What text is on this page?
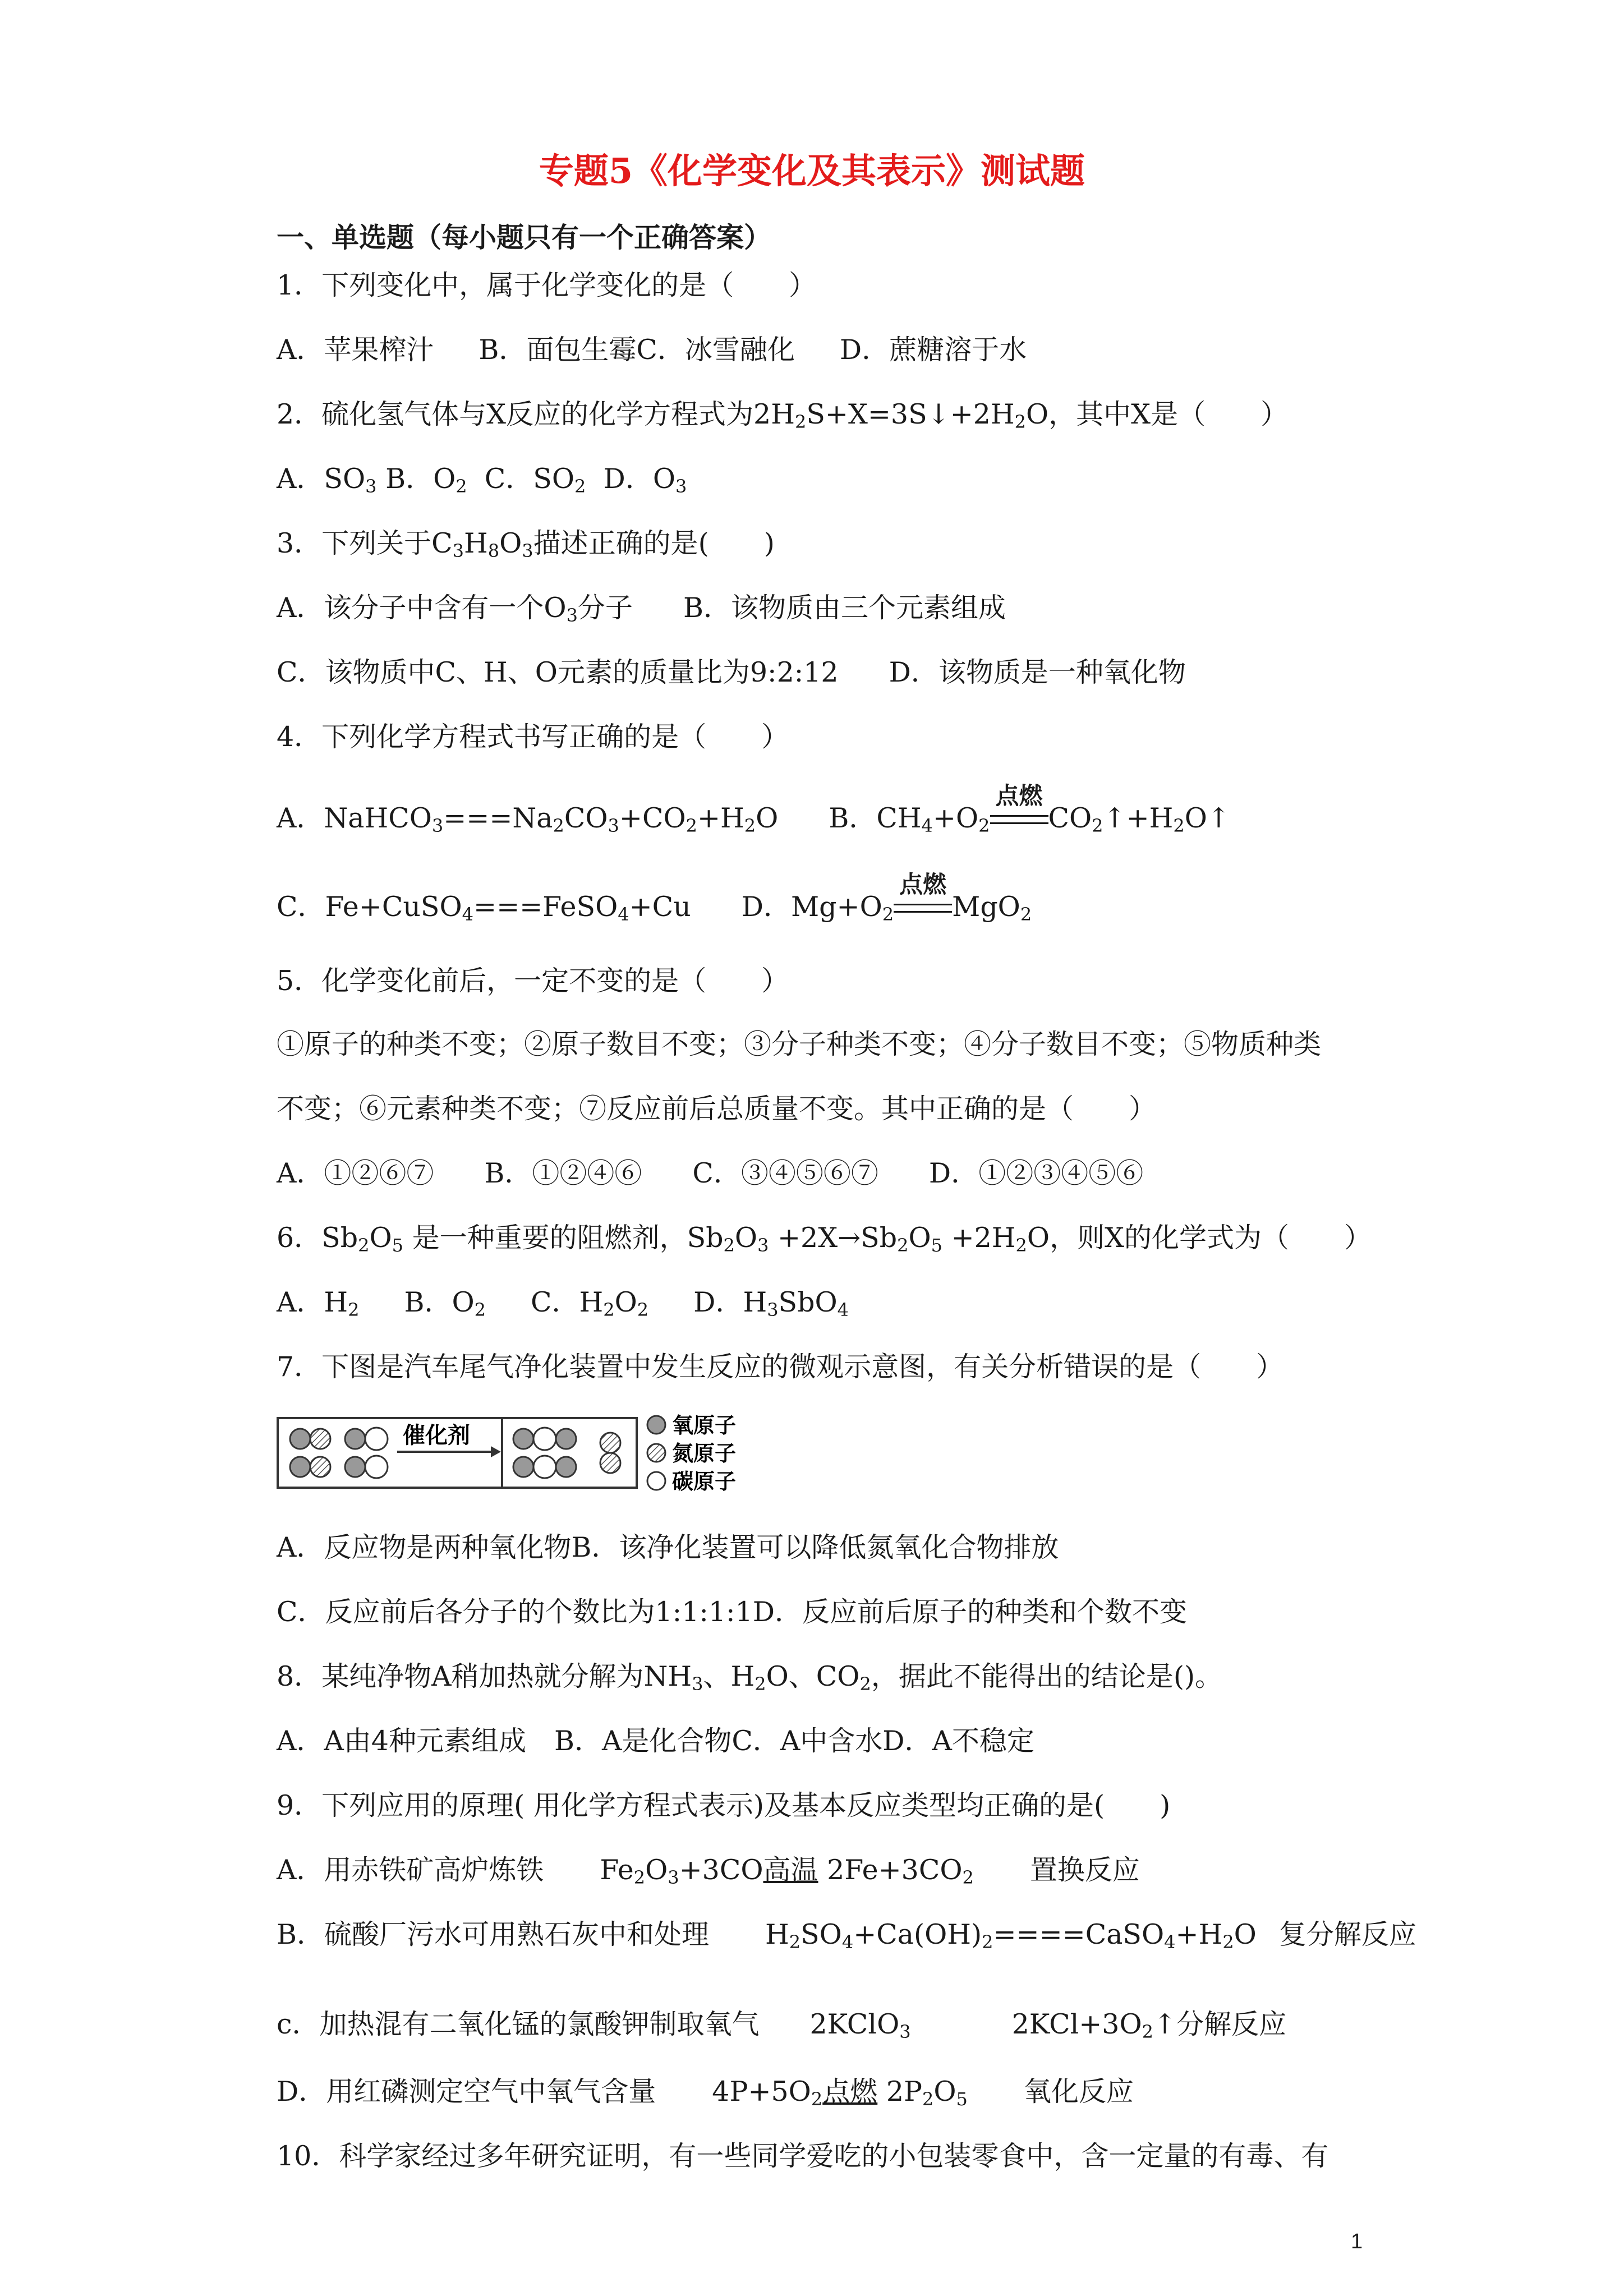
专题5《化学变化及其表示》测试题
一、单选题（每小题只有一个正确答案）
1．下列变化中，属于化学变化的是（　　）
A．苹果榨汁 B．面包生霉C．冰雪融化 D．蔗糖溶于水
2．硫化氢气体与X反应的化学方程式为$2H_2S+X=3S↓+2H_2O$，其中X是（　　）
A．$SO_3$ B．$O_2$ C．$SO_2$ D．$O_3$
3．下列关于$C_3H_8O_3$描述正确的是(　　)
A．该分子中含有一个$O_3$分子 B．该物质由三个元素组成
C．该物质中C、H、O元素的质量比为9:2:12 D．该物质是一种氧化物
4．下列化学方程式书写正确的是（　　）
A．$NaHCO_3===Na_2CO_3+CO_2+H_2O$ B．$CH_4+O_2$
点燃
$CO_2↑+H_2O↑$
C．Fe+CuSO$_4$===FeSO$_4$+Cu D．$Mg+O_2$
点燃
MgO$_2$
5．化学变化前后，一定不变的是（　　）
①原子的种类不变；②原子数目不变；③分子种类不变；④分子数目不变；⑤物质种类
不变；⑥元素种类不变；⑦反应前后总质量不变。其中正确的是（　　）
A．①②⑥⑦ B．①②④⑥ C．③④⑤⑥⑦ D．①②③④⑤⑥
6．$Sb_2O_5$ 是一种重要的阻燃剂，$Sb_2O_3 +2X\to Sb_2O_5 +2H_2O$，则X的化学式为（　　）
A．$H_2$ B．$O_2$ C．$H_2O_2$ D．$H_3SbO_4$
7．下图是汽车尾气净化装置中发生反应的微观示意图，有关分析错误的是（　　）
催化剂	氧原子
氮原子
碳原子
A．反应物是两种氧化物B．该净化装置可以降低氮氧化合物排放
C．反应前后各分子的个数比为1:1:1:1D．反应前后原子的种类和个数不变
8．某纯净物A稍加热就分解为$NH_3$、$H_2O$、$CO_2$，据此不能得出的结论是()。
A．A由4种元素组成 B．A是化合物C．A中含水D．A不稳定
9．下列应用的原理( 用化学方程式表示)及基本反应类型均正确的是(　　)
A．用赤铁矿高炉炼铁 $Fe_2O_3+3CO$高温 $2Fe+3CO_2$ 置换反应
B．硫酸厂污水可用熟石灰中和处理 $H_2SO_4+Ca(OH)_2====CaSO_4+H_2O$ 复分解反应
c．加热混有二氧化锰的氯酸钾制取氧气 2KClO$_3$	$2KCl+3O_2↑$分解反应
D．用红磷测定空气中氧气含量 $4P+5O_2$点燃 $2P_2O_5$ 氧化反应
10．科学家经过多年研究证明，有一些同学爱吃的小包装零食中，含一定量的有毒、有
1
